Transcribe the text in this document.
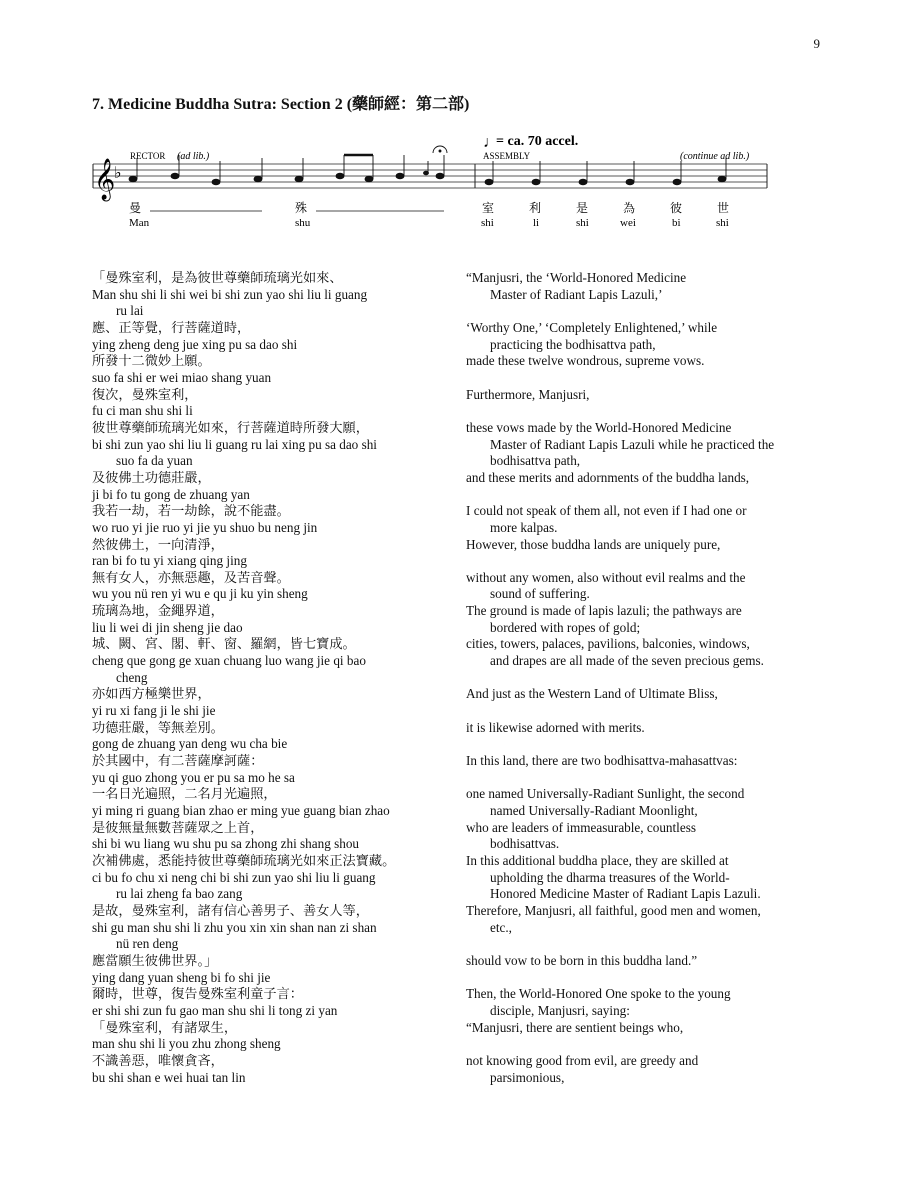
9
7. Medicine Buddha Sutra: Section 2 (藥師經：第二部)
𝄞
♭
♩
= ca. 70 accel.
RECTOR (ad lib.)	ASSEMBLY	(continue ad lib.)
曼	殊	室	利	是	為	彼	世
Man	shu	shi	li	shi	wei	bi	shi
「曼殊室利，是為彼世尊藥師琉璃光如來、
Man shu shi li shi wei bi shi zun yao shi liu li guang
ru lai
“Manjusri, the ‘World-Honored Medicine
Master of Radiant Lapis Lazuli,’
應、正等覺，行菩薩道時，
ying zheng deng jue xing pu sa dao shi
‘Worthy One,’ ‘Completely Enlightened,’ while
practicing the bodhisattva path,
所發十二微妙上願。
suo fa shi er wei miao shang yuan
made these twelve wondrous, supreme vows.
復次，曼殊室利，
fu ci man shu shi li
Furthermore, Manjusri,
彼世尊藥師琉璃光如來，行菩薩道時所發大願，
bi shi zun yao shi liu li guang ru lai xing pu sa dao shi
suo fa da yuan
these vows made by the World-Honored Medicine
Master of Radiant Lapis Lazuli while he practiced the
bodhisattva path,
及彼佛土功德莊嚴，
ji bi fo tu gong de zhuang yan
and these merits and adornments of the buddha lands,
我若一劫，若一劫餘，說不能盡。
wo ruo yi jie ruo yi jie yu shuo bu neng jin
I could not speak of them all, not even if I had one or
more kalpas.
然彼佛土，一向清淨，
ran bi fo tu yi xiang qing jing
However, those buddha lands are uniquely pure,
無有女人，亦無惡趣，及苦音聲。
wu you nü ren yi wu e qu ji ku yin sheng
without any women, also without evil realms and the
sound of suffering.
琉璃為地，金繩界道，
liu li wei di jin sheng jie dao
The ground is made of lapis lazuli; the pathways are
bordered with ropes of gold;
城、闕、宮、閣、軒、窗、羅網，皆七寶成。
cheng que gong ge xuan chuang luo wang jie qi bao
cheng
cities, towers, palaces, pavilions, balconies, windows,
and drapes are all made of the seven precious gems.
亦如西方極樂世界，
yi ru xi fang ji le shi jie
And just as the Western Land of Ultimate Bliss,
功德莊嚴，等無差別。
gong de zhuang yan deng wu cha bie
it is likewise adorned with merits.
於其國中，有二菩薩摩訶薩：
yu qi guo zhong you er pu sa mo he sa
In this land, there are two bodhisattva-mahasattvas:
一名日光遍照，二名月光遍照，
yi ming ri guang bian zhao er ming yue guang bian zhao
one named Universally-Radiant Sunlight, the second
named Universally-Radiant Moonlight,
是彼無量無數菩薩眾之上首，
shi bi wu liang wu shu pu sa zhong zhi shang shou
who are leaders of immeasurable, countless
bodhisattvas.
次補佛處，悉能持彼世尊藥師琉璃光如來正法寶藏。
ci bu fo chu xi neng chi bi shi zun yao shi liu li guang
ru lai zheng fa bao zang
In this additional buddha place, they are skilled at
upholding the dharma treasures of the World-
Honored Medicine Master of Radiant Lapis Lazuli.
是故，曼殊室利，諸有信心善男子、善女人等，
shi gu man shu shi li zhu you xin xin shan nan zi shan
nü ren deng
Therefore, Manjusri, all faithful, good men and women,
etc.,
應當願生彼佛世界。」
ying dang yuan sheng bi fo shi jie
should vow to be born in this buddha land.”
爾時，世尊，復告曼殊室利童子言：
er shi shi zun fu gao man shu shi li tong zi yan
Then, the World-Honored One spoke to the young
disciple, Manjusri, saying:
「曼殊室利，有諸眾生，
man shu shi li you zhu zhong sheng
“Manjusri, there are sentient beings who,
不識善惡，唯懷貪吝，
bu shi shan e wei huai tan lin
not knowing good from evil, are greedy and
parsimonious,
